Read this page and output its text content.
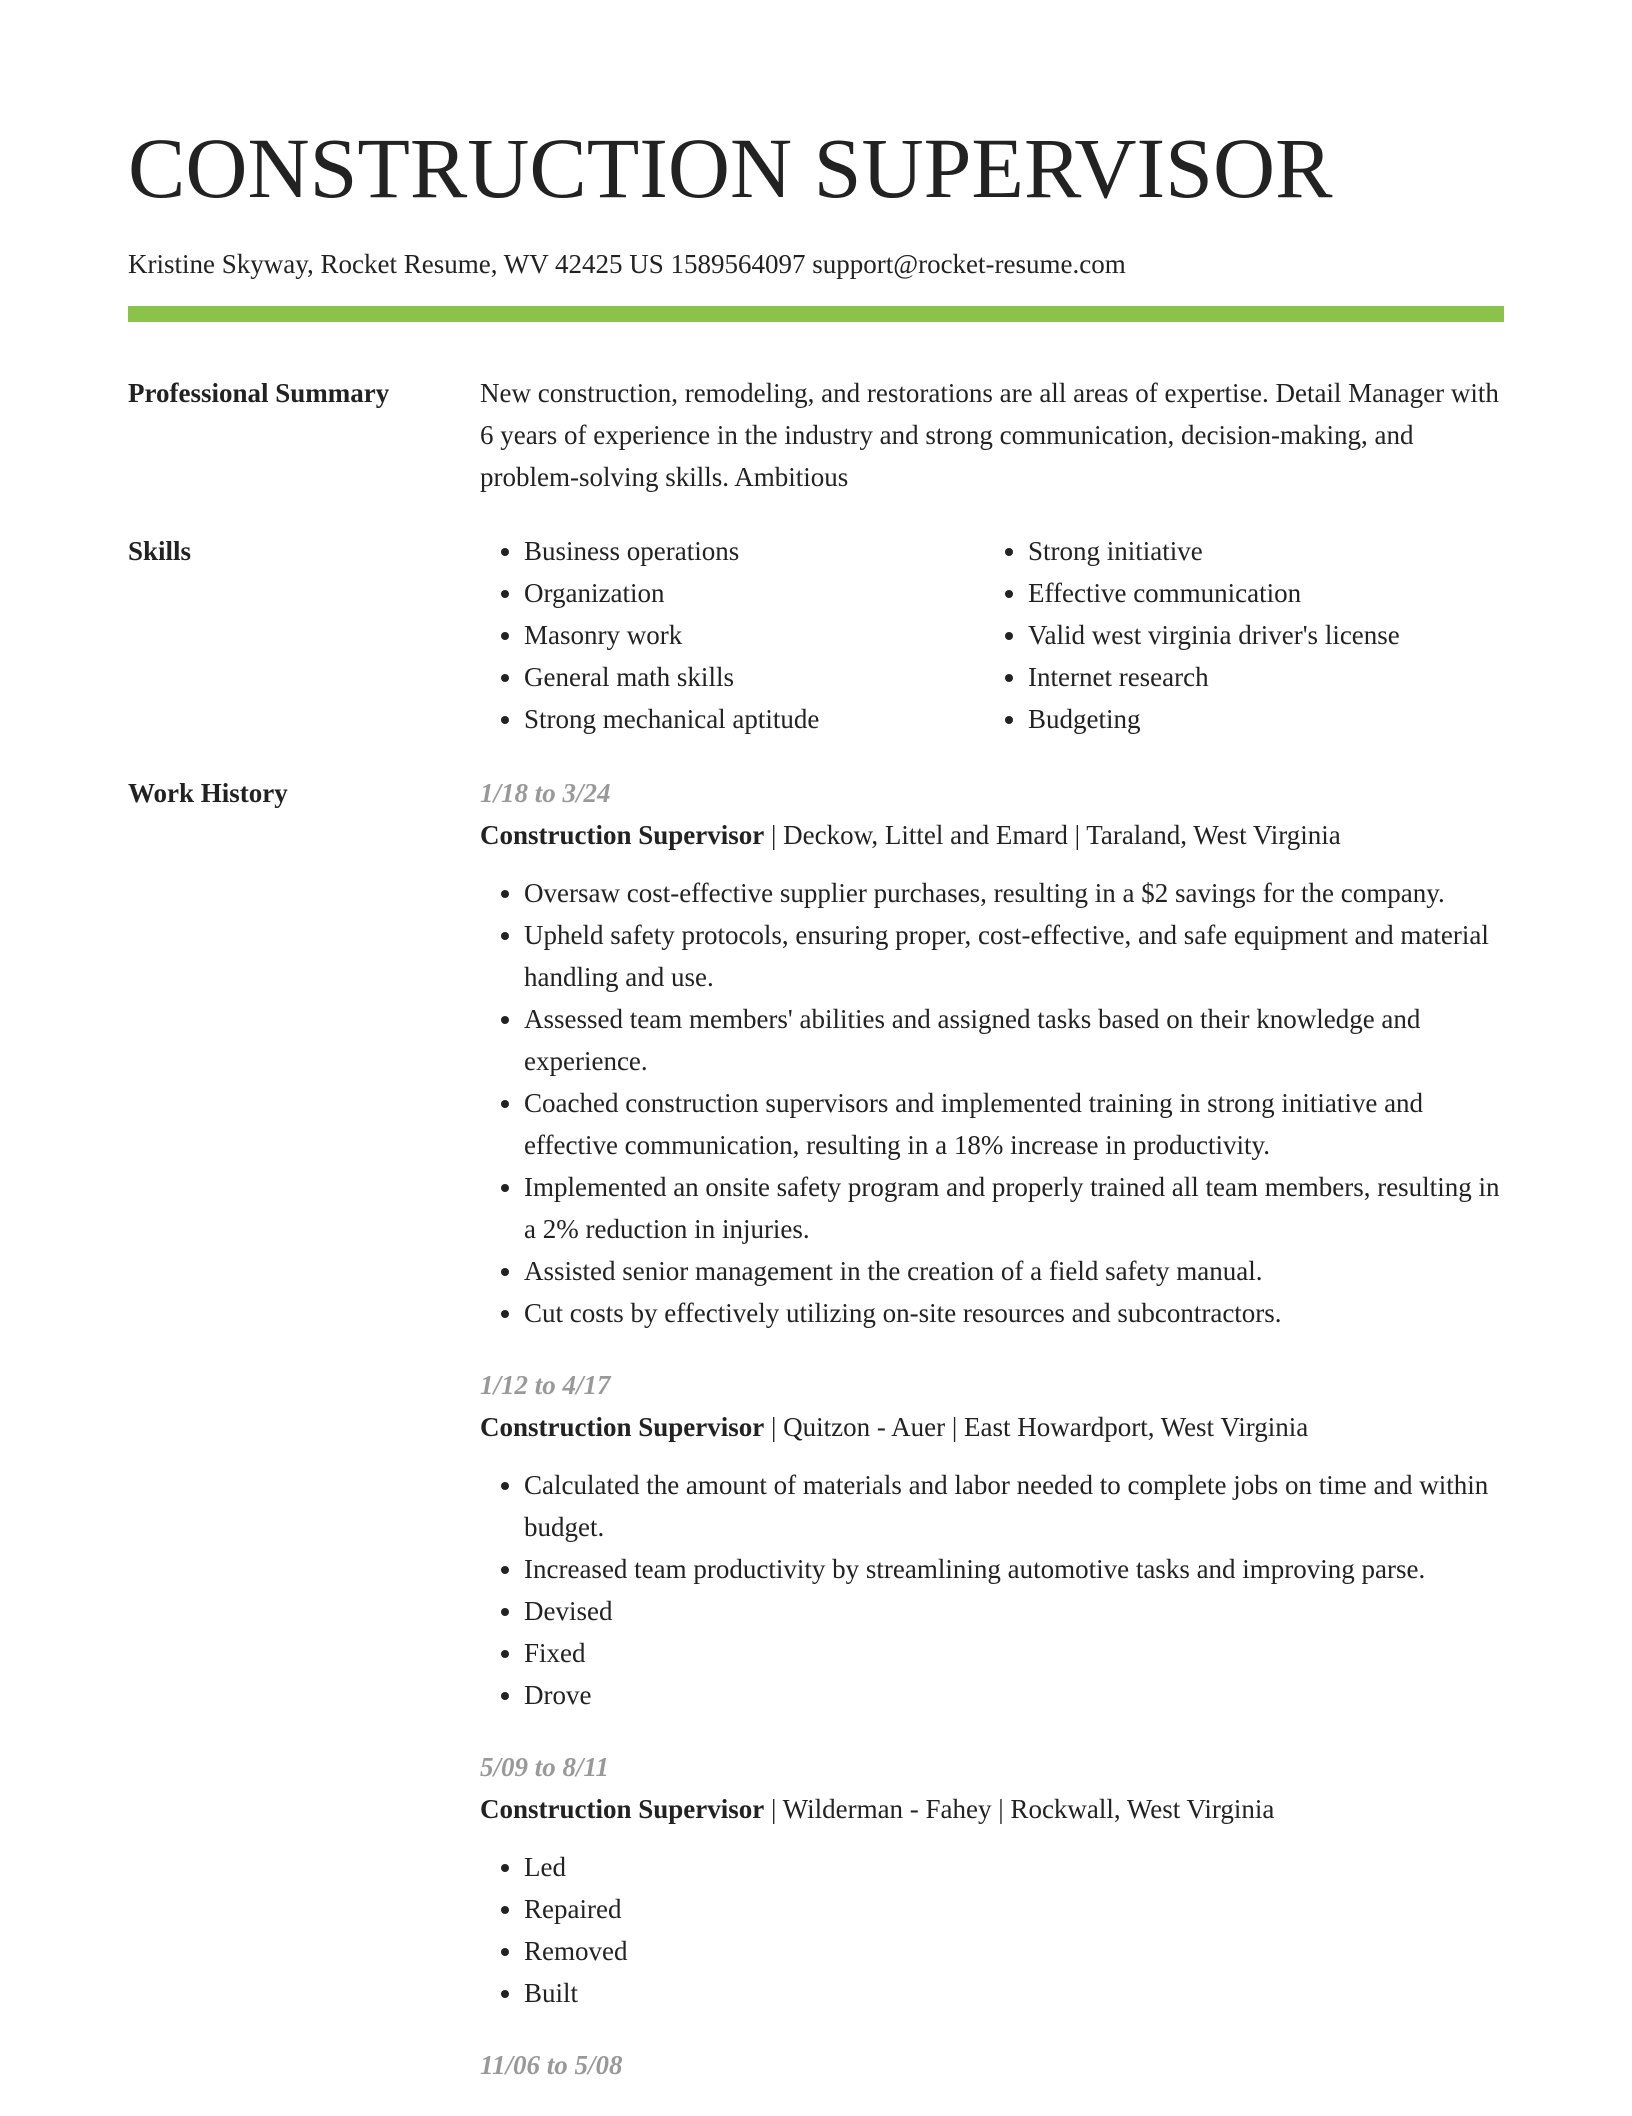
CONSTRUCTION SUPERVISOR
Kristine Skyway, Rocket Resume, WV 42425 US 1589564097 support@rocket-resume.com
Professional Summary	New construction, remodeling, and restorations are all areas of expertise. Detail Manager with 6 years of experience in the industry and strong communication, decision-making, and problem-solving skills. Ambitious
Skills
•	Business operations
• Organization
• Masonry work
• General math skills
• Strong mechanical aptitude
• Strong initiative
• Effective communication
• Valid west virginia driver's license
• Internet research
• Budgeting
Work History	1/18 to 3/24
Construction Supervisor | Deckow, Littel and Emard | Taraland, West Virginia
• Oversaw cost-effective supplier purchases, resulting in a $2 savings for the company.
• Upheld safety protocols, ensuring proper, cost-effective, and safe equipment and material handling and use.
• Assessed team members' abilities and assigned tasks based on their knowledge and experience.
• Coached construction supervisors and implemented training in strong initiative and effective communication, resulting in a 18% increase in productivity.
• Implemented an onsite safety program and properly trained all team members, resulting in a 2% reduction in injuries.
• Assisted senior management in the creation of a field safety manual.
• Cut costs by effectively utilizing on-site resources and subcontractors.
1/12 to 4/17
Construction Supervisor | Quitzon - Auer | East Howardport, West Virginia
• Calculated the amount of materials and labor needed to complete jobs on time and within budget.
• Increased team productivity by streamlining automotive tasks and improving parse.
• Devised
• Fixed
• Drove
5/09 to 8/11
Construction Supervisor | Wilderman - Fahey | Rockwall, West Virginia
• Led
• Repaired
• Removed
• Built
11/06 to 5/08
